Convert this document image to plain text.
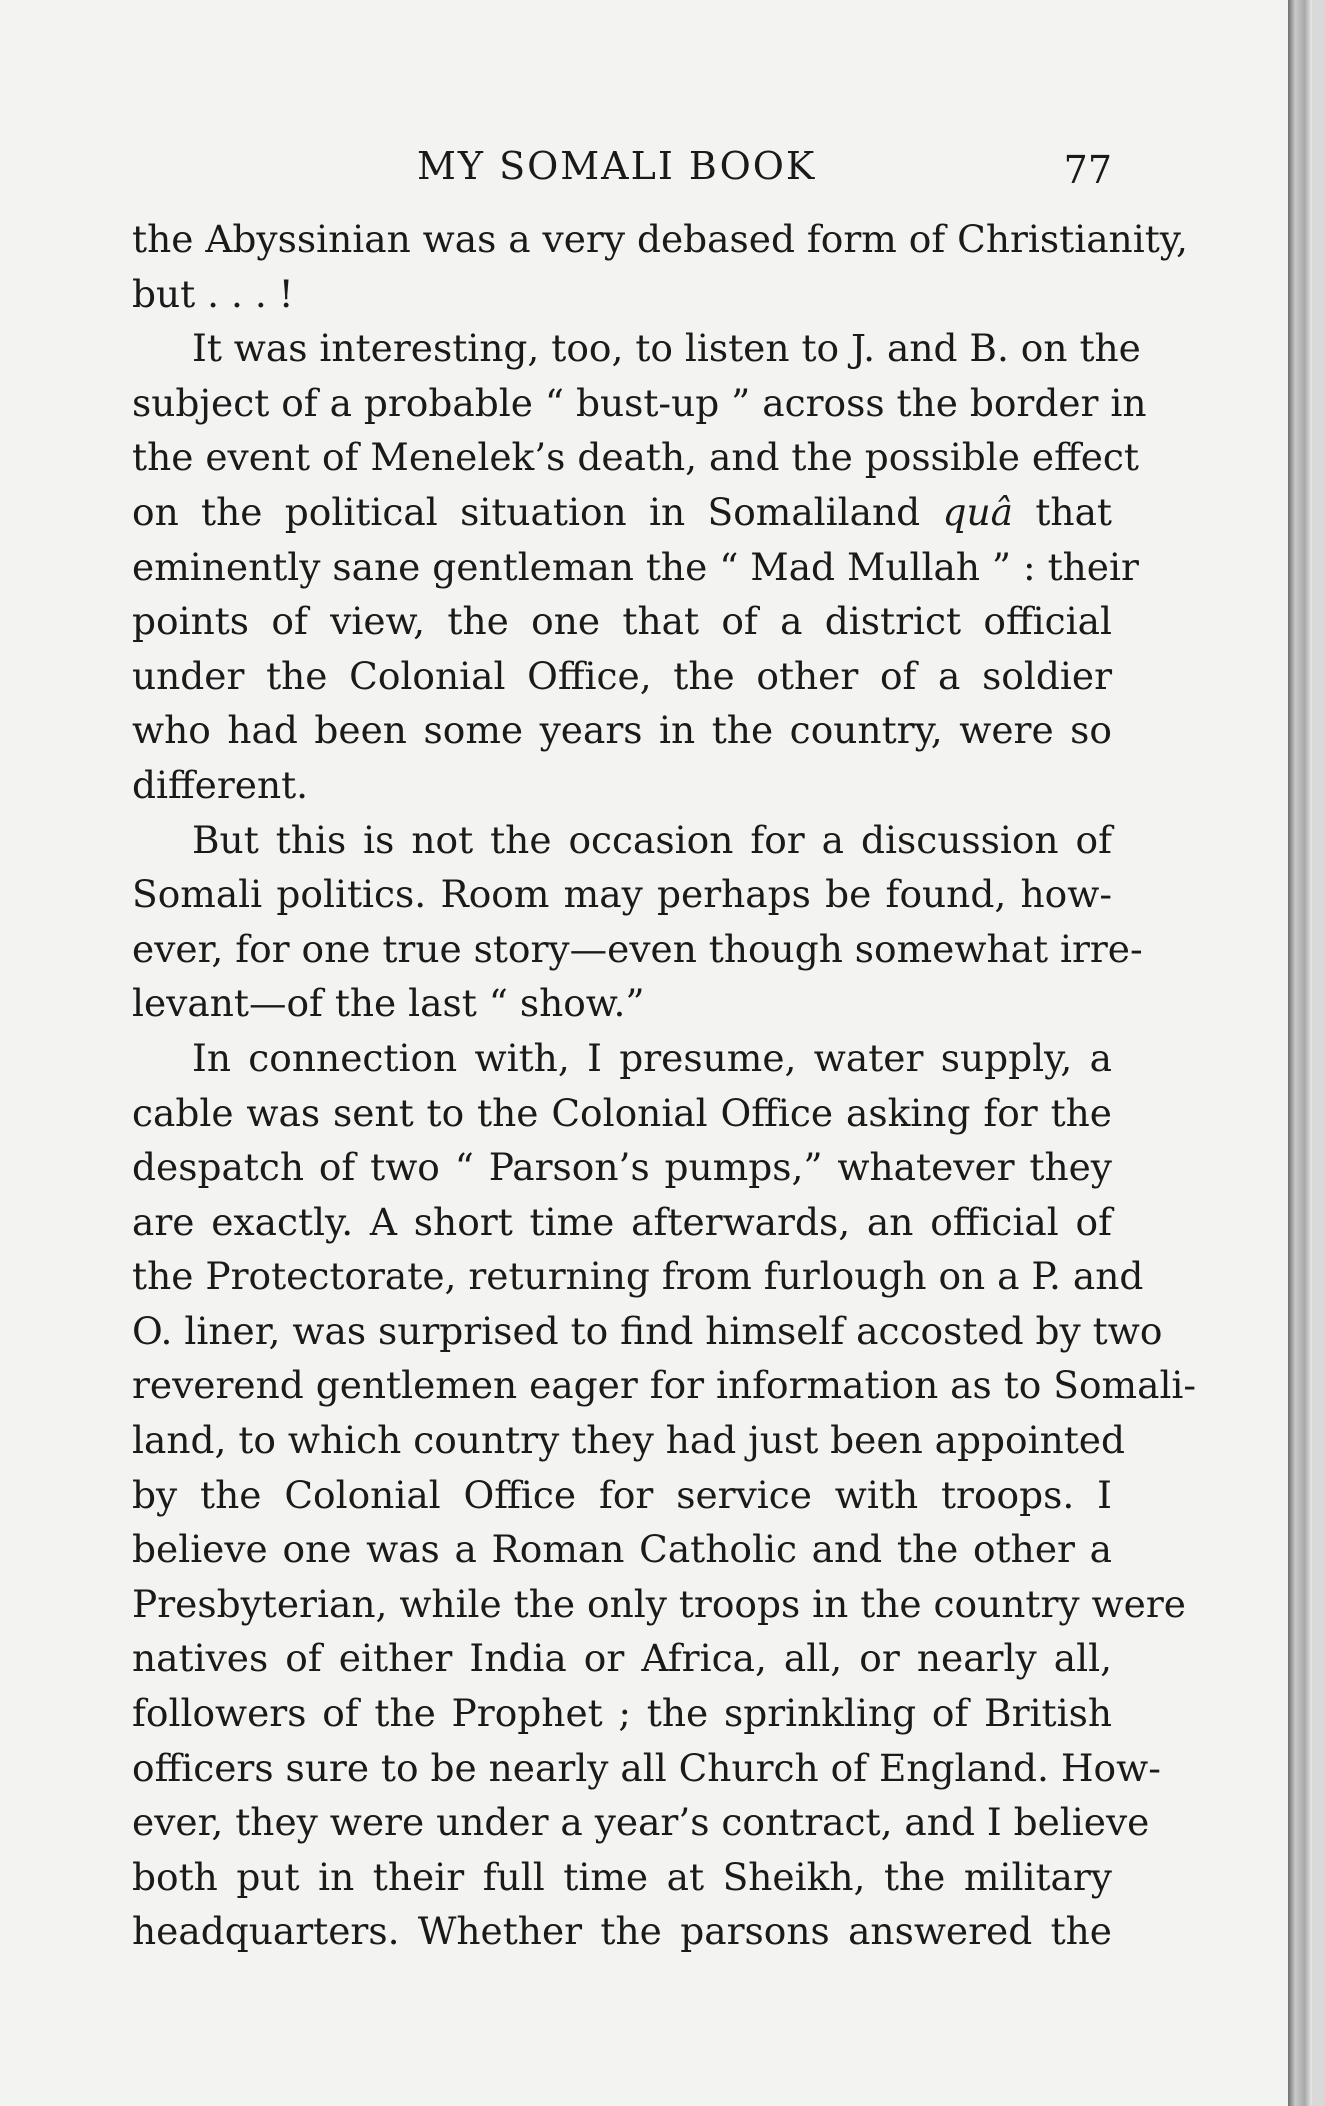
MY SOMALI BOOK	77

the Abyssinian was a very debased form of Christianity,
but . . . !

It was interesting, too, to listen to J. and B. on the
subject of a probable “ bust-up ” across the border in
the event of Menelek’s death, and the possible effect
on the political situation in Somaliland quâ that
eminently sane gentleman the “ Mad Mullah ” : their
points of view, the one that of a district official
under the Colonial Office, the other of a soldier
who had been some years in the country, were so
different.

But this is not the occasion for a discussion of
Somali politics. Room may perhaps be found, how-
ever, for one true story—even though somewhat irre-
levant—of the last “ show.”

In connection with, I presume, water supply, a
cable was sent to the Colonial Office asking for the
despatch of two “ Parson’s pumps,” whatever they
are exactly. A short time afterwards, an official of
the Protectorate, returning from furlough on a P. and
O. liner, was surprised to find himself accosted by two
reverend gentlemen eager for information as to Somali-
land, to which country they had just been appointed
by the Colonial Office for service with troops. I
believe one was a Roman Catholic and the other a
Presbyterian, while the only troops in the country were
natives of either India or Africa, all, or nearly all,
followers of the Prophet ; the sprinkling of British
officers sure to be nearly all Church of England. How-
ever, they were under a year’s contract, and I believe
both put in their full time at Sheikh, the military
headquarters. Whether the parsons answered the
